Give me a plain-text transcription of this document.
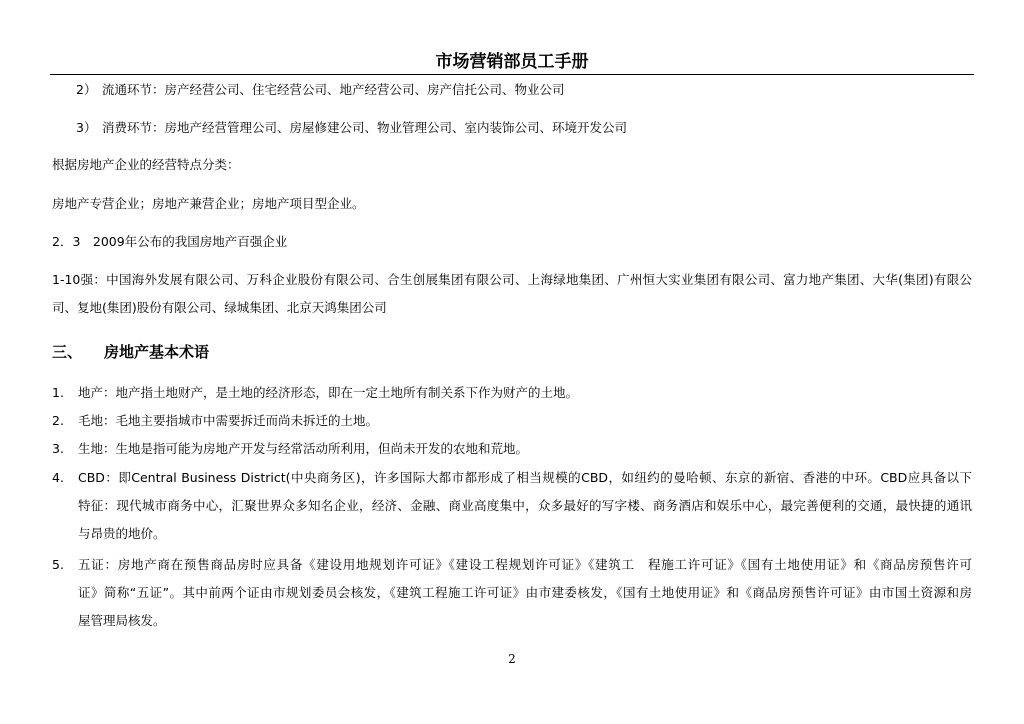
市场营销部员工手册
2） 流通环节：房产经营公司、住宅经营公司、地产经营公司、房产信托公司、物业公司
3） 消费环节：房地产经营管理公司、房屋修建公司、物业管理公司、室内装饰公司、环境开发公司
根据房地产企业的经营特点分类：
房地产专营企业；房地产兼营企业；房地产项目型企业。
2．3　2009年公布的我国房地产百强企业
1-10强：中国海外发展有限公司、万科企业股份有限公司、合生创展集团有限公司、上海绿地集团、广州恒大实业集团有限公司、富力地产集团、大华(集团)有限公
司、复地(集团)股份有限公司、绿城集团、北京天鸿集团公司
三、 房地产基本术语
1. 地产：地产指土地财产，是土地的经济形态，即在一定土地所有制关系下作为财产的土地。
2. 毛地：毛地主要指城市中需要拆迁而尚未拆迁的土地。
3. 生地：生地是指可能为房地产开发与经常活动所利用，但尚未开发的农地和荒地。
4.	CBD：即Central Business District(中央商务区)，许多国际大都市都形成了相当规模的CBD，如纽约的曼哈顿、东京的新宿、香港的中环。CBD应具备以下
特征：现代城市商务中心，汇聚世界众多知名企业，经济、金融、商业高度集中，众多最好的写字楼、商务酒店和娱乐中心，最完善便利的交通，最快捷的通讯
与昂贵的地价。
5.	五证：房地产商在预售商品房时应具备《建设用地规划许可证》《建设工程规划许可证》《建筑工　程施工许可证》《国有土地使用证》和《商品房预售许可
证》简称“五证”。其中前两个证由市规划委员会核发，《建筑工程施工许可证》由市建委核发，《国有土地使用证》和《商品房预售许可证》由市国土资源和房
屋管理局核发。
2
